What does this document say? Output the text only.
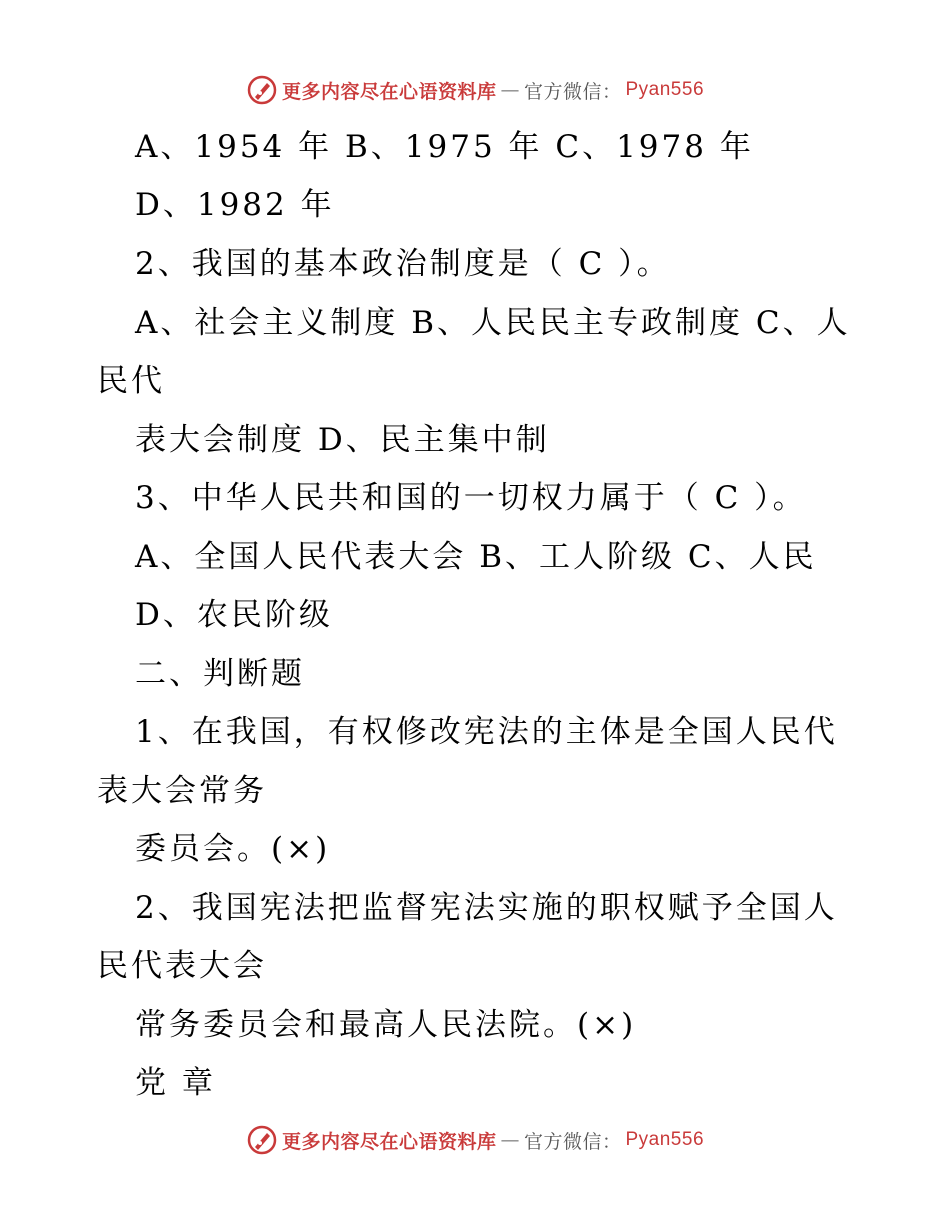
更多内容尽在心语资料库 — 官方微信： Pyan556
A、1954 年 B、1975 年 C、1978 年
D、1982 年
2、我国的基本政治制度是（ C ）。
A、社会主义制度 B、人民民主专政制度 C、人
民代
表大会制度 D、民主集中制
3、中华人民共和国的一切权力属于（ C ）。
A、全国人民代表大会 B、工人阶级 C、人民
D、农民阶级
二、判断题
1、在我国，有权修改宪法的主体是全国人民代
表大会常务
委员会。(×)
2、我国宪法把监督宪法实施的职权赋予全国人
民代表大会
常务委员会和最高人民法院。(×)
党 章
更多内容尽在心语资料库 — 官方微信： Pyan556
